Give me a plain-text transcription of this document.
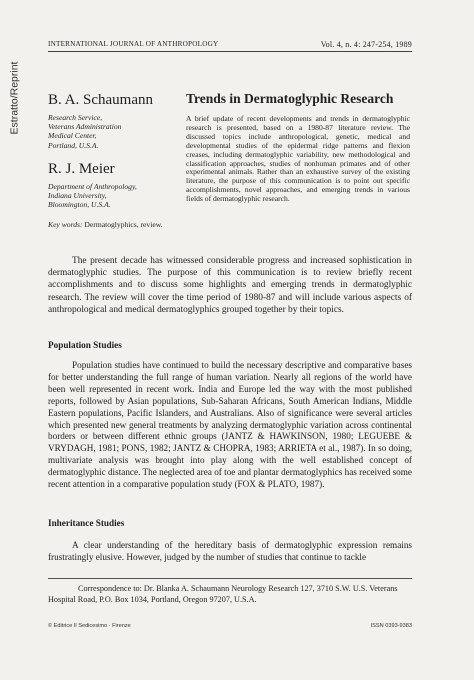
Estratto/Reprint
INTERNATIONAL JOURNAL OF ANTHROPOLOGY	Vol. 4, n. 4: 247-254, 1989
B. A. Schaumann
Research Service,
Veterans Administration
Medical Center,
Portland, U.S.A.
R. J. Meier
Department of Anthropology,
Indiana University,
Bloomington, U.S.A.
Key words: Dermatoglyphics, review.
Trends in Dermatoglyphic Research
A brief update of recent developments and trends in dermatoglyphic research is presented, based on a 1980-87 literature review. The discussed topics include anthropological, genetic, medical and developmental studies of the epidermal ridge patterns and flexion creases, including dermatoglyphic variability, new methodological and classification approaches, studies of nonhuman primates and of other experimental animals. Rather than an exhaustive survey of the existing literature, the purpose of this communication is to point out specific accomplishments, novel approaches, and emerging trends in various fields of dermatoglyphic research.

The present decade has witnessed considerable progress and increased sophistication in dermatoglyphic studies. The purpose of this communication is to review briefly recent accomplishments and to discuss some highlights and emerging trends in dermatoglyphic research. The review will cover the time period of 1980-87 and will include various aspects of anthropological and medical dermatoglyphics grouped together by their topics.

Population Studies

Population studies have continued to build the necessary descriptive and comparative bases for better understanding the full range of human variation. Nearly all regions of the world have been well represented in recent work. India and Europe led the way with the most published reports, followed by Asian populations, Sub-Saharan Africans, South American Indians, Middle Eastern populations, Pacific Islanders, and Australians. Also of significance were several articles which presented new general treatments by analyzing dermatoglyphic variation across continental borders or between different ethnic groups (JANTZ & HAWKINSON, 1980; LEGUEBE & VRYDAGH, 1981; PONS, 1982; JANTZ & CHOPRA, 1983; ARRIETA et al., 1987). In so doing, multivariate analysis was brought into play along with the well established concept of dermatoglyphic distance. The neglected area of toe and plantar dermatoglyphics has received some recent attention in a comparative population study (FOX & PLATO, 1987).

Inheritance Studies

A clear understanding of the hereditary basis of dermatoglyphic expression remains frustratingly elusive. However, judged by the number of studies that continue to tackle

Correspondence to: Dr. Blanka A. Schaumann Neurology Research 127, 3710 S.W. U.S. Veterans Hospital Road, P.O. Box 1034, Portland, Oregon 97207, U.S.A.

© Editrice Il Sedicesimo · Firenze	ISSN 0393-9383
